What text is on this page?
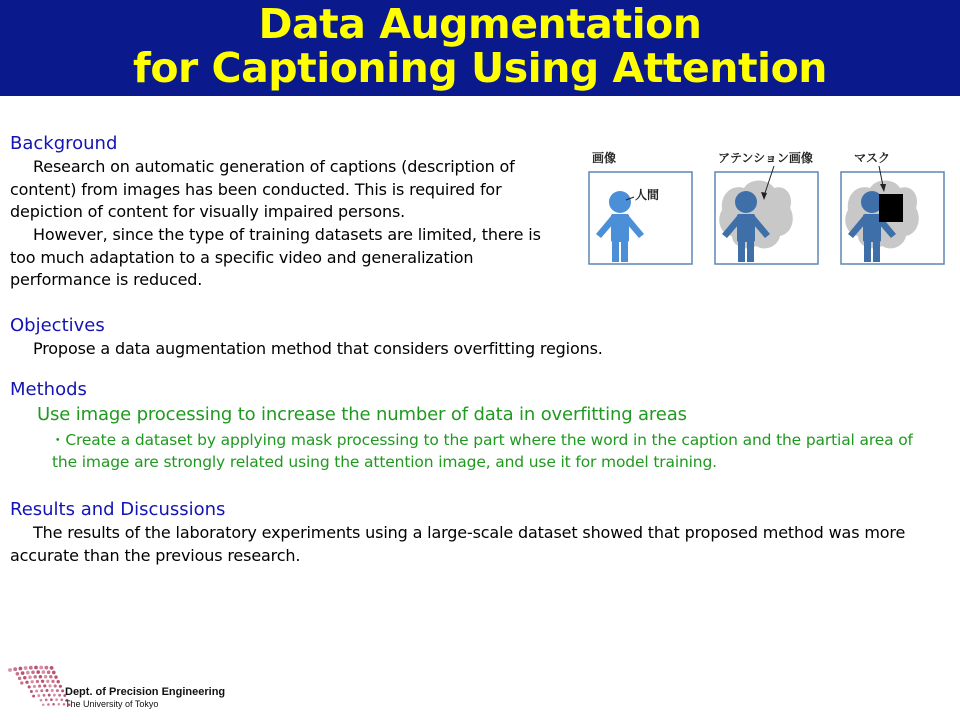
Data Augmentation
for Captioning Using Attention
Background
Research on automatic generation of captions (description of content) from images has been conducted. This is required for depiction of content for visually impaired persons.
However, since the type of training datasets are limited, there is too much adaptation to a specific video and generalization performance is reduced.
画像
人間
アテンション画像	マスク
Objectives
Propose a data augmentation method that considers overfitting regions.
Methods
Use image processing to increase the number of data in overfitting areas
・Create a dataset by applying mask processing to the part where the word in the caption and the partial area of the image are strongly related using the attention image, and use it for model training.
Results and Discussions
The results of the laboratory experiments using a large-scale dataset showed that proposed method was more accurate than the previous research.
Dept. of Precision Engineering
The University of Tokyo
